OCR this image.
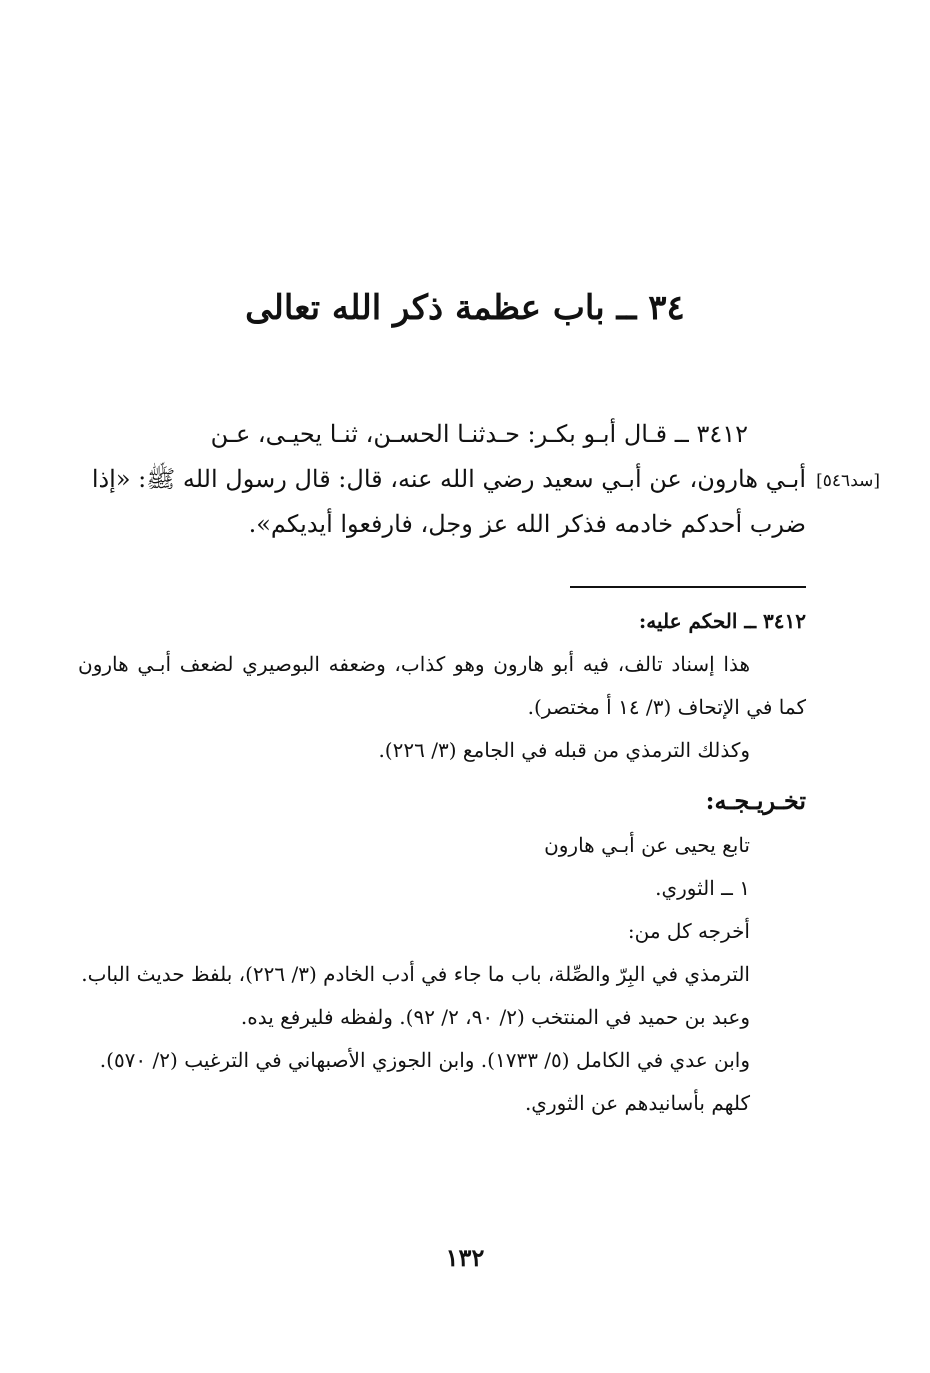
٣٤ ــ باب عظمة ذكر الله تعالى
[سد٥٤٦]

٣٤١٢ ــ قـال أبـو بكـر: حـدثنـا الحسـن، ثنـا يحيـى، عـن

أبـي هارون، عن أبـي سعيد رضي الله عنه، قال: قال رسول الله ﷺ: «إذا

ضرب أحدكم خادمه فذكر الله عز وجل، فارفعوا أيديكم».

٣٤١٢ ــ الحكم عليه:

هذا إسناد تالف، فيه أبو هارون وهو كذاب، وضعفه البوصيري لضعف أبـي هارون كما في الإتحاف (٣/ ١٤ أ مختصر).

وكذلك الترمذي من قبله في الجامع (٣/ ٢٢٦).

تخـريـجـه:

تابع يحيى عن أبـي هارون

١ ــ الثوري.

أخرجه كل من:

الترمذي في البِرّ والصِّلة، باب ما جاء في أدب الخادم (٣/ ٢٢٦)، بلفظ حديث الباب.

وعبد بن حميد في المنتخب (٢/ ٩٠، ٢/ ٩٢). ولفظه فليرفع يده.

وابن عدي في الكامل (٥/ ١٧٣٣). وابن الجوزي الأصبهاني في الترغيب (٢/ ٥٧٠).

كلهم بأسانيدهم عن الثوري.

١٣٢
